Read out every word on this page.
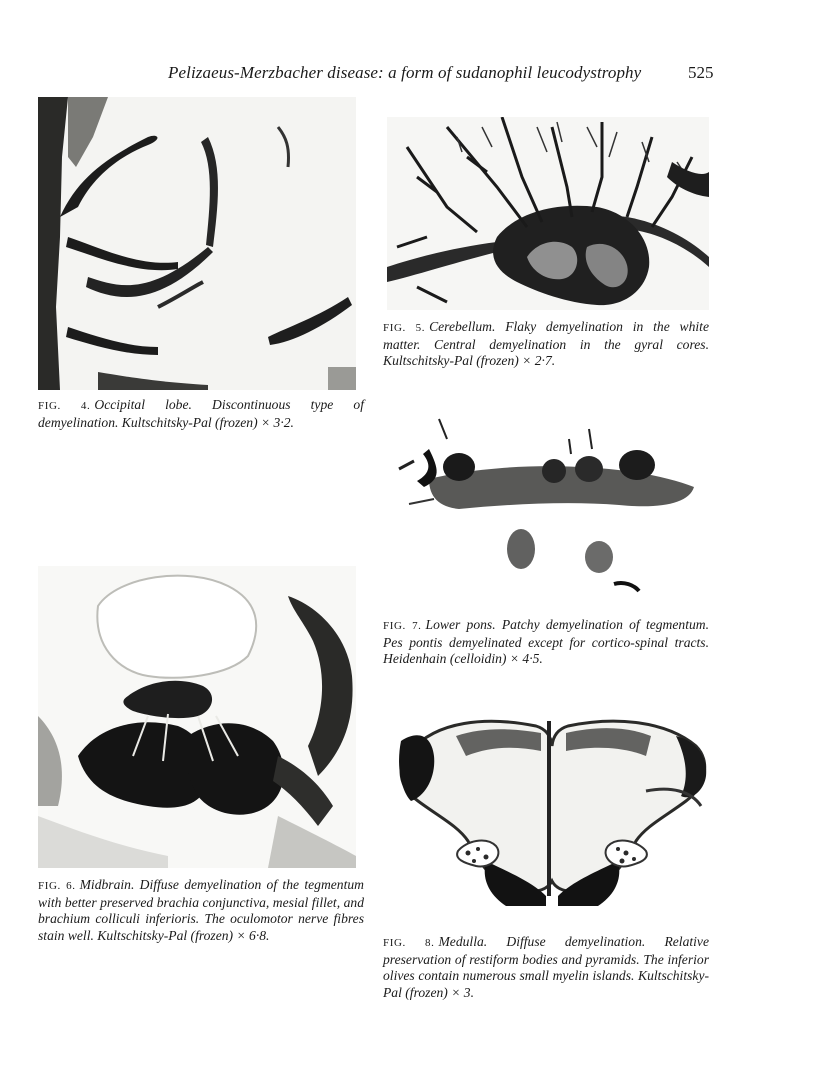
Pelizaeus-Merzbacher disease: a form of sudanophil leucodystrophy	525
FIG. 4. Occipital lobe. Discontinuous type of demyelination. Kultschitsky-Pal (frozen) × 3·2.
FIG. 5. Cerebellum. Flaky demyelination in the white matter. Central demyelination in the gyral cores. Kultschitsky-Pal (frozen) × 2·7.
FIG. 7. Lower pons. Patchy demyelination of tegmentum. Pes pontis demyelinated except for cortico-spinal tracts. Heidenhain (celloidin) × 4·5.
FIG. 6. Midbrain. Diffuse demyelination of the tegmentum with better preserved brachia conjunctiva, mesial fillet, and brachium colliculi inferioris. The oculomotor nerve fibres stain well. Kultschitsky-Pal (frozen) × 6·8.
FIG. 8. Medulla. Diffuse demyelination. Relative preservation of restiform bodies and pyramids. The inferior olives contain numerous small myelin islands. Kultschitsky-Pal (frozen) × 3.
